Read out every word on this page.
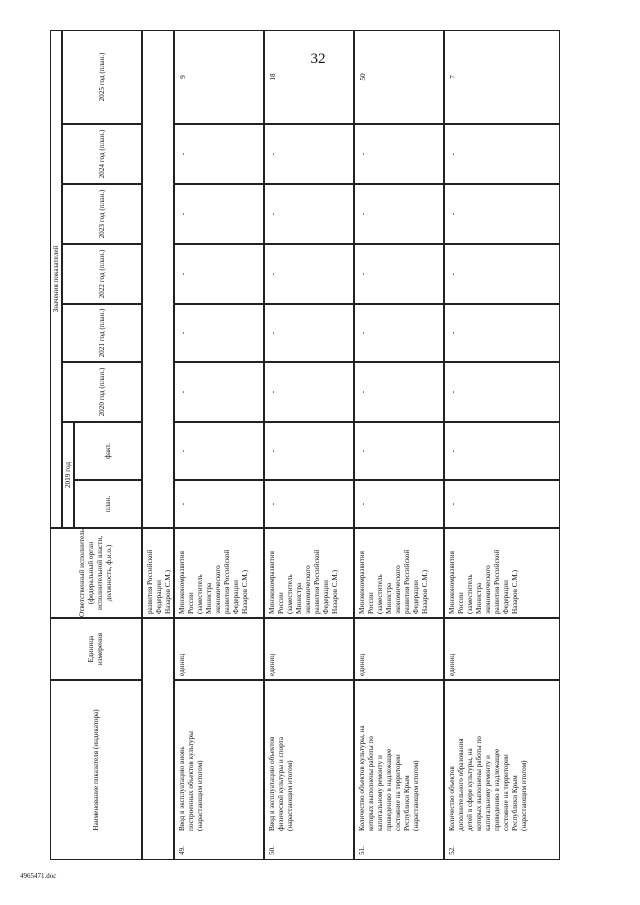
32
Наименование показателя (индикатора)
Единица измерения
Ответственный исполнитель (федеральный орган исполнительной власти, должность, ф.и.о.)
Значения показателей
2019 год
план.
факт.
2020 год (план.)
2021 год (план.)
2022 год (план.)
2023 год (план.)
2024 год (план.)
2025 год (план.)
развития Российской
Федерации
Назаров С.М.)
49.
Ввод в эксплуатацию вновь
построенных объектов культуры
(нарастающим итогом)
единиц
Минэкономразвития
России
(заместитель
Министра
экономического
развития Российской
Федерации
Назаров С.М.)
-
-
-
-
-
-
-
9
50.
Ввод в эксплуатацию объектов
физической культуры и спорта
(нарастающим итогом)
единиц
Минэкономразвития
России
(заместитель
Министра
экономического
развития Российской
Федерации
Назаров С.М.)
-
-
-
-
-
-
-
18
51.
Количество объектов культуры, на
которых выполнены работы по
капитальному ремонту и
приведению в надлежащее
состояние на территории
Республики Крым
(нарастающим итогом)
единиц
Минэкономразвития
России
(заместитель
Министра
экономического
развития Российской
Федерации
Назаров С.М.)
-
-
-
-
-
-
-
50
52.
Количество объектов
дополнительного образования
детей в сфере культуры, на
которых выполнены работы по
капитальному ремонту и
приведению в надлежащее
состояние на территории
Республики Крым
(нарастающим итогом)
единиц
Минэкономразвития
России
(заместитель
Министра
экономического
развития Российской
Федерации
Назаров С.М.)
-
-
-
-
-
-
-
7
4965471.doc
